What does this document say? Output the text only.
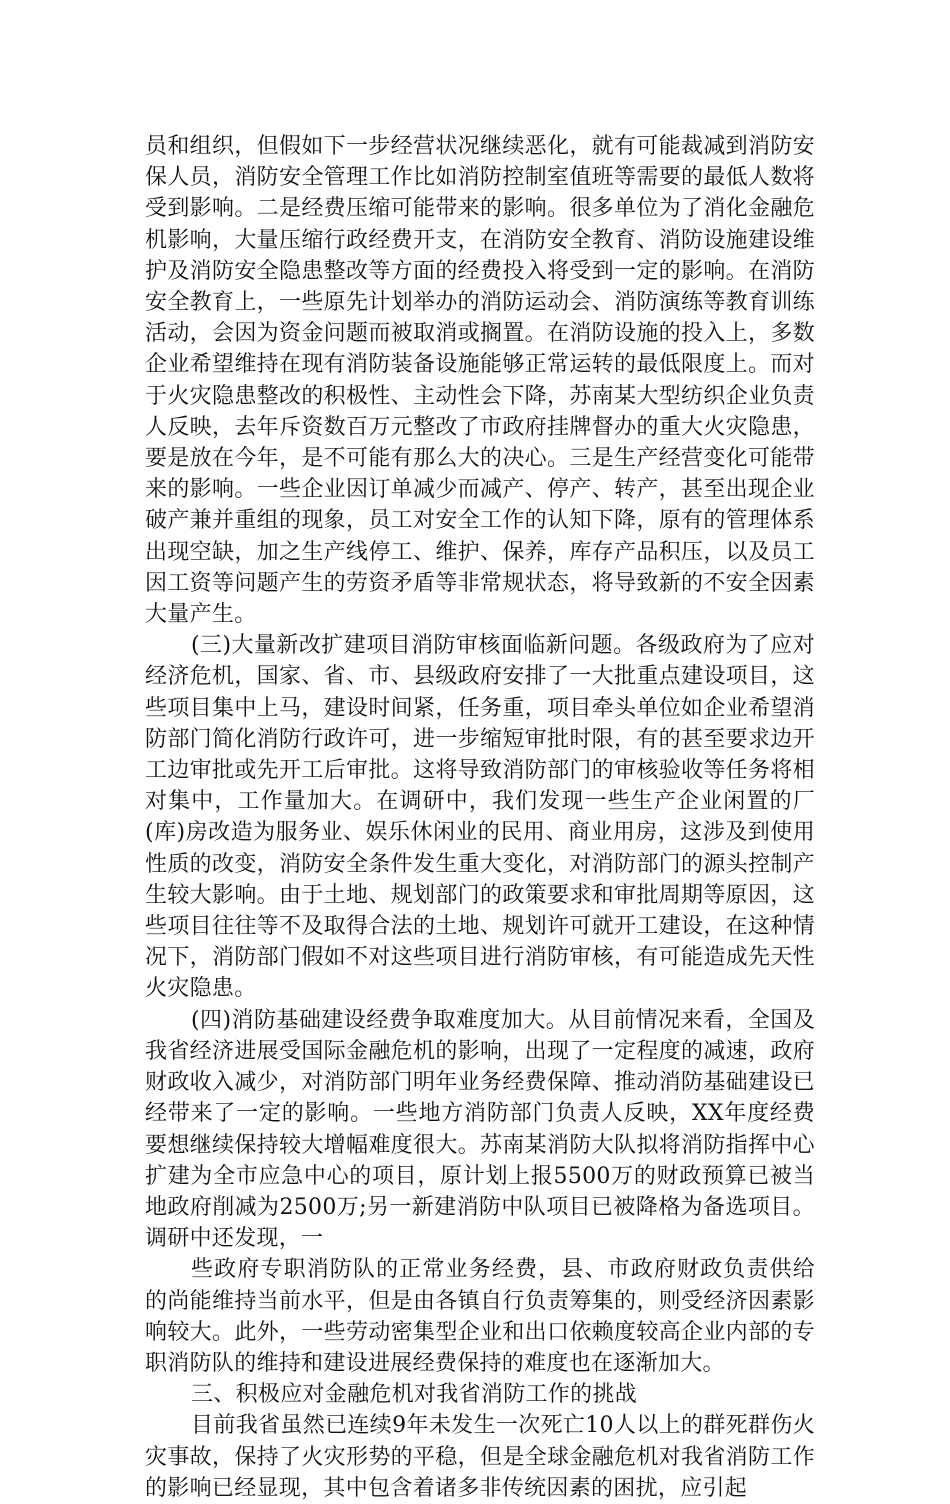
员和组织，但假如下一步经营状况继续恶化，就有可能裁减到消防安保人员，消防安全管理工作比如消防控制室值班等需要的最低人数将受到影响。二是经费压缩可能带来的影响。很多单位为了消化金融危机影响，大量压缩行政经费开支，在消防安全教育、消防设施建设维护及消防安全隐患整改等方面的经费投入将受到一定的影响。在消防安全教育上，一些原先计划举办的消防运动会、消防演练等教育训练活动，会因为资金问题而被取消或搁置。在消防设施的投入上，多数企业希望维持在现有消防装备设施能够正常运转的最低限度上。而对于火灾隐患整改的积极性、主动性会下降，苏南某大型纺织企业负责人反映，去年斥资数百万元整改了市政府挂牌督办的重大火灾隐患，要是放在今年，是不可能有那么大的决心。三是生产经营变化可能带来的影响。一些企业因订单减少而减产、停产、转产，甚至出现企业破产兼并重组的现象，员工对安全工作的认知下降，原有的管理体系出现空缺，加之生产线停工、维护、保养，库存产品积压，以及员工因工资等问题产生的劳资矛盾等非常规状态，将导致新的不安全因素大量产生。

(三)大量新改扩建项目消防审核面临新问题。各级政府为了应对经济危机，国家、省、市、县级政府安排了一大批重点建设项目，这些项目集中上马，建设时间紧，任务重，项目牵头单位如企业希望消防部门简化消防行政许可，进一步缩短审批时限，有的甚至要求边开工边审批或先开工后审批。这将导致消防部门的审核验收等任务将相对集中，工作量加大。在调研中，我们发现一些生产企业闲置的厂(库)房改造为服务业、娱乐休闲业的民用、商业用房，这涉及到使用性质的改变，消防安全条件发生重大变化，对消防部门的源头控制产生较大影响。由于土地、规划部门的政策要求和审批周期等原因，这些项目往往等不及取得合法的土地、规划许可就开工建设，在这种情况下，消防部门假如不对这些项目进行消防审核，有可能造成先天性火灾隐患。

(四)消防基础建设经费争取难度加大。从目前情况来看，全国及我省经济进展受国际金融危机的影响，出现了一定程度的减速，政府财政收入减少，对消防部门明年业务经费保障、推动消防基础建设已经带来了一定的影响。一些地方消防部门负责人反映，XX年度经费要想继续保持较大增幅难度很大。苏南某消防大队拟将消防指挥中心扩建为全市应急中心的项目，原计划上报5500万的财政预算已被当地政府削减为2500万;另一新建消防中队项目已被降格为备选项目。调研中还发现，一

些政府专职消防队的正常业务经费，县、市政府财政负责供给的尚能维持当前水平，但是由各镇自行负责筹集的，则受经济因素影响较大。此外，一些劳动密集型企业和出口依赖度较高企业内部的专职消防队的维持和建设进展经费保持的难度也在逐渐加大。

三、积极应对金融危机对我省消防工作的挑战

目前我省虽然已连续9年未发生一次死亡10人以上的群死群伤火灾事故，保持了火灾形势的平稳，但是全球金融危机对我省消防工作的影响已经显现，其中包含着诸多非传统因素的困扰，应引起
